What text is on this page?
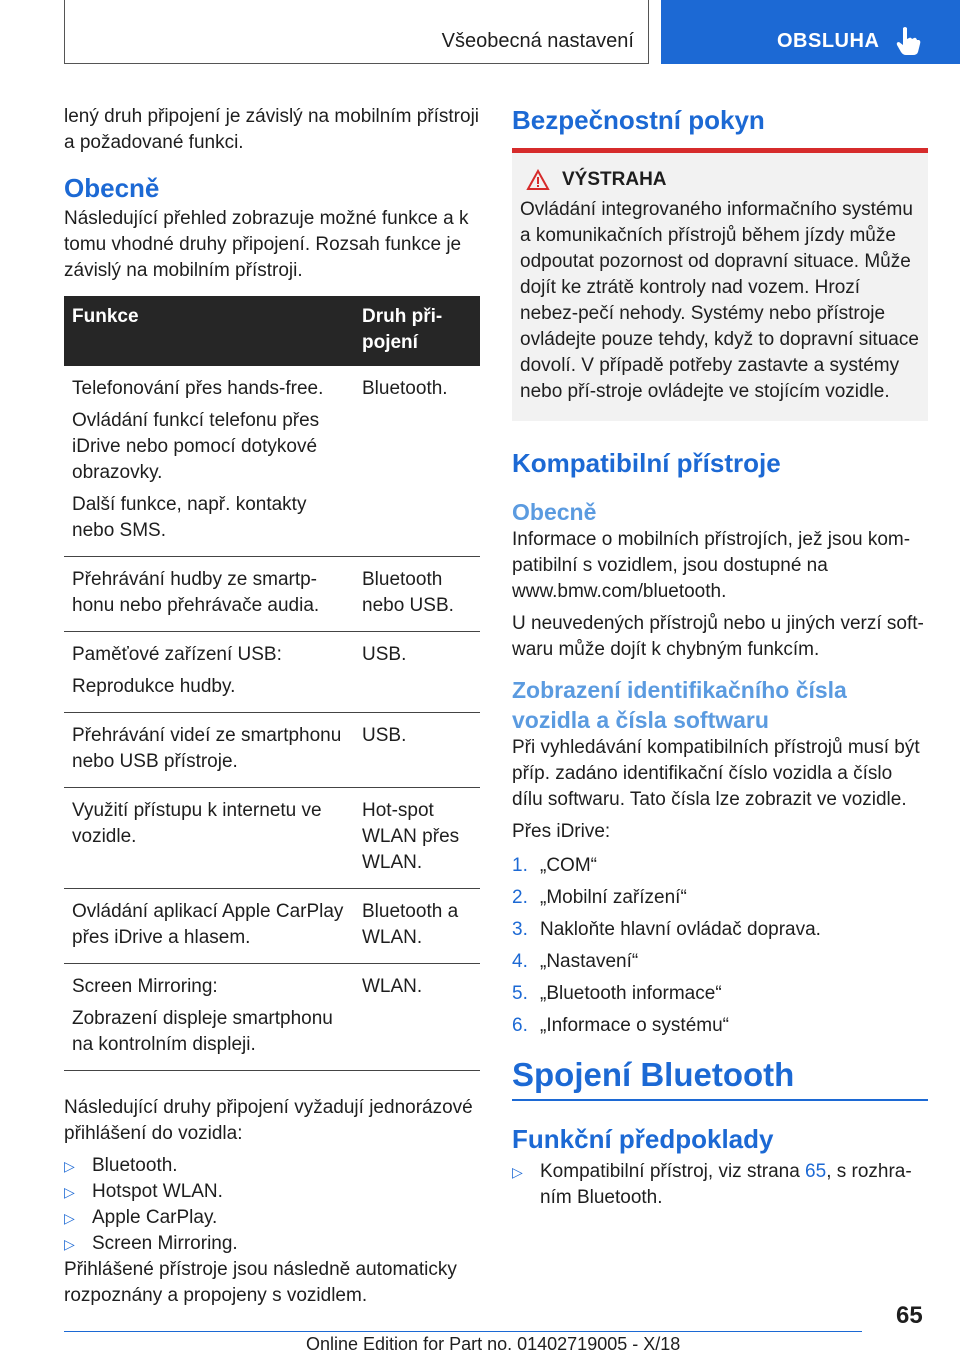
Všeobecná nastavení	OBSLUHA

lený druh připojení je závislý na mobilním přístroji a požadované funkci.

Obecně

Následující přehled zobrazuje možné funkce a k tomu vhodné druhy připojení. Rozsah funkce je závislý na mobilním přístroji.

Funkce	Druh při-pojení

Telefonování přes hands-free.

Ovládání funkcí telefonu přes iDrive nebo pomocí dotykové obrazovky.

Další funkce, např. kontakty nebo SMS.	Bluetooth.

Přehrávání hudby ze smartp-honu nebo přehrávače audia.	Bluetooth nebo USB.

Paměťové zařízení USB:

Reprodukce hudby.	USB.

Přehrávání videí ze smartphonu nebo USB přístroje.	USB.

Využití přístupu k internetu ve vozidle.	Hot-spot WLAN přes WLAN.

Ovládání aplikací Apple CarPlay přes iDrive a hlasem.	Bluetooth a WLAN.

Screen Mirroring:

Zobrazení displeje smartphonu na kontrolním displeji.	WLAN.

Následující druhy připojení vyžadují jednorázové přihlášení do vozidla:

▷ Bluetooth.

▷ Hotspot WLAN.

▷ Apple CarPlay.

▷ Screen Mirroring.

Přihlášené přístroje jsou následně automaticky rozpoznány a propojeny s vozidlem.

Bezpečnostní pokyn
VÝSTRAHA

Ovládání integrovaného informačního systému a komunikačních přístrojů během jízdy může odpoutat pozornost od dopravní situace. Může dojít ke ztrátě kontroly nad vozem. Hrozí nebez-pečí nehody. Systémy nebo přístroje ovládejte pouze tehdy, když to dopravní situace dovolí. V případě potřeby zastavte a systémy nebo pří-stroje ovládejte ve stojícím vozidle.

Kompatibilní přístroje
Obecně

Informace o mobilních přístrojích, jež jsou kom-patibilní s vozidlem, jsou dostupné na www.bmw.com/bluetooth.

U neuvedených přístrojů nebo u jiných verzí soft-waru může dojít k chybným funkcím.

Zobrazení identifikačního čísla vozidla a čísla softwaru

Při vyhledávání kompatibilních přístrojů musí být příp. zadáno identifikační číslo vozidla a číslo dílu softwaru. Tato čísla lze zobrazit ve vozidle.

Přes iDrive:

1. „COM“

2. „Mobilní zařízení“

3. Nakloňte hlavní ovládač doprava.

4. „Nastavení“

5. „Bluetooth informace“

6. „Informace o systému“

Spojení Bluetooth
Funkční předpoklady

▷ Kompatibilní přístroj, viz strana 65, s rozhra-ním Bluetooth.

65
Online Edition for Part no. 01402719005 - X/18
